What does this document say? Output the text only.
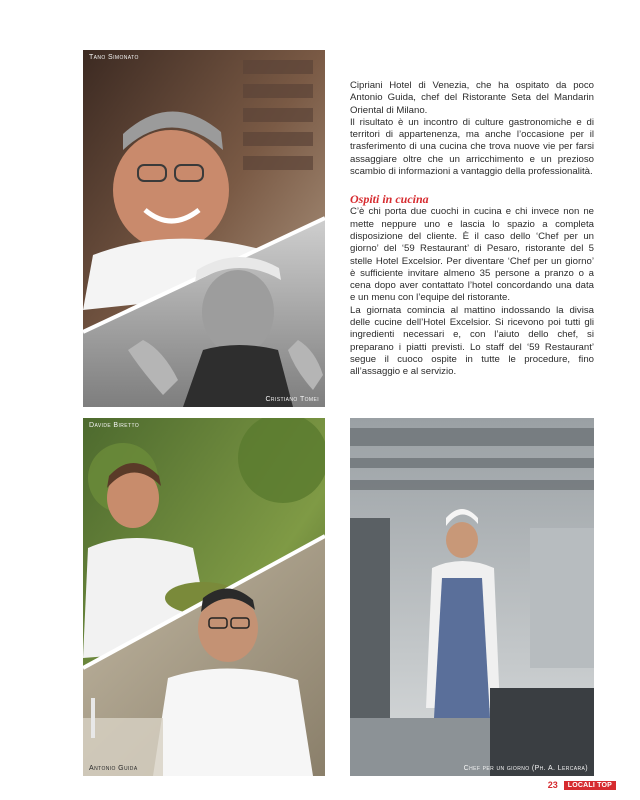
Tano Simonato
Cristiano Tomei
Davide Biretto
Antonio Guida	Chef per un giorno (Ph. A. Lercara)

Cipriani Hotel di Venezia, che ha ospitato da poco Antonio Guida, chef del Ristorante Seta del Mandarin Oriental di Milano.

Il risultato è un incontro di culture gastronomiche e di territori di appartenenza, ma anche l’occasione per il trasferimento di una cucina che trova nuove vie per farsi assaggiare oltre che un arricchimento e un prezioso scambio di informazioni a vantaggio della professionalità.

Ospiti in cucina

C’è chi porta due cuochi in cucina e chi invece non ne mette neppure uno e lascia lo spazio a completa disposizione del cliente. È il caso dello ‘Chef per un giorno’ del ‘59 Restaurant’ di Pesaro, ristorante del 5 stelle Hotel Excelsior. Per diventare ‘Chef per un giorno’ è sufficiente invitare almeno 35 persone a pranzo o a cena dopo aver contattato l’hotel concordando una data e un menu con l’equipe del ristorante.

La giornata comincia al mattino indossando la divisa delle cucine dell’Hotel Excelsior. Si ricevono poi tutti gli ingredienti necessari e, con l’aiuto dello chef, si preparano i piatti previsti. Lo staff del ‘59 Restaurant’ segue il cuoco ospite in tutte le procedure, fino all’assaggio e al servizio.

23	LOCALI TOP
